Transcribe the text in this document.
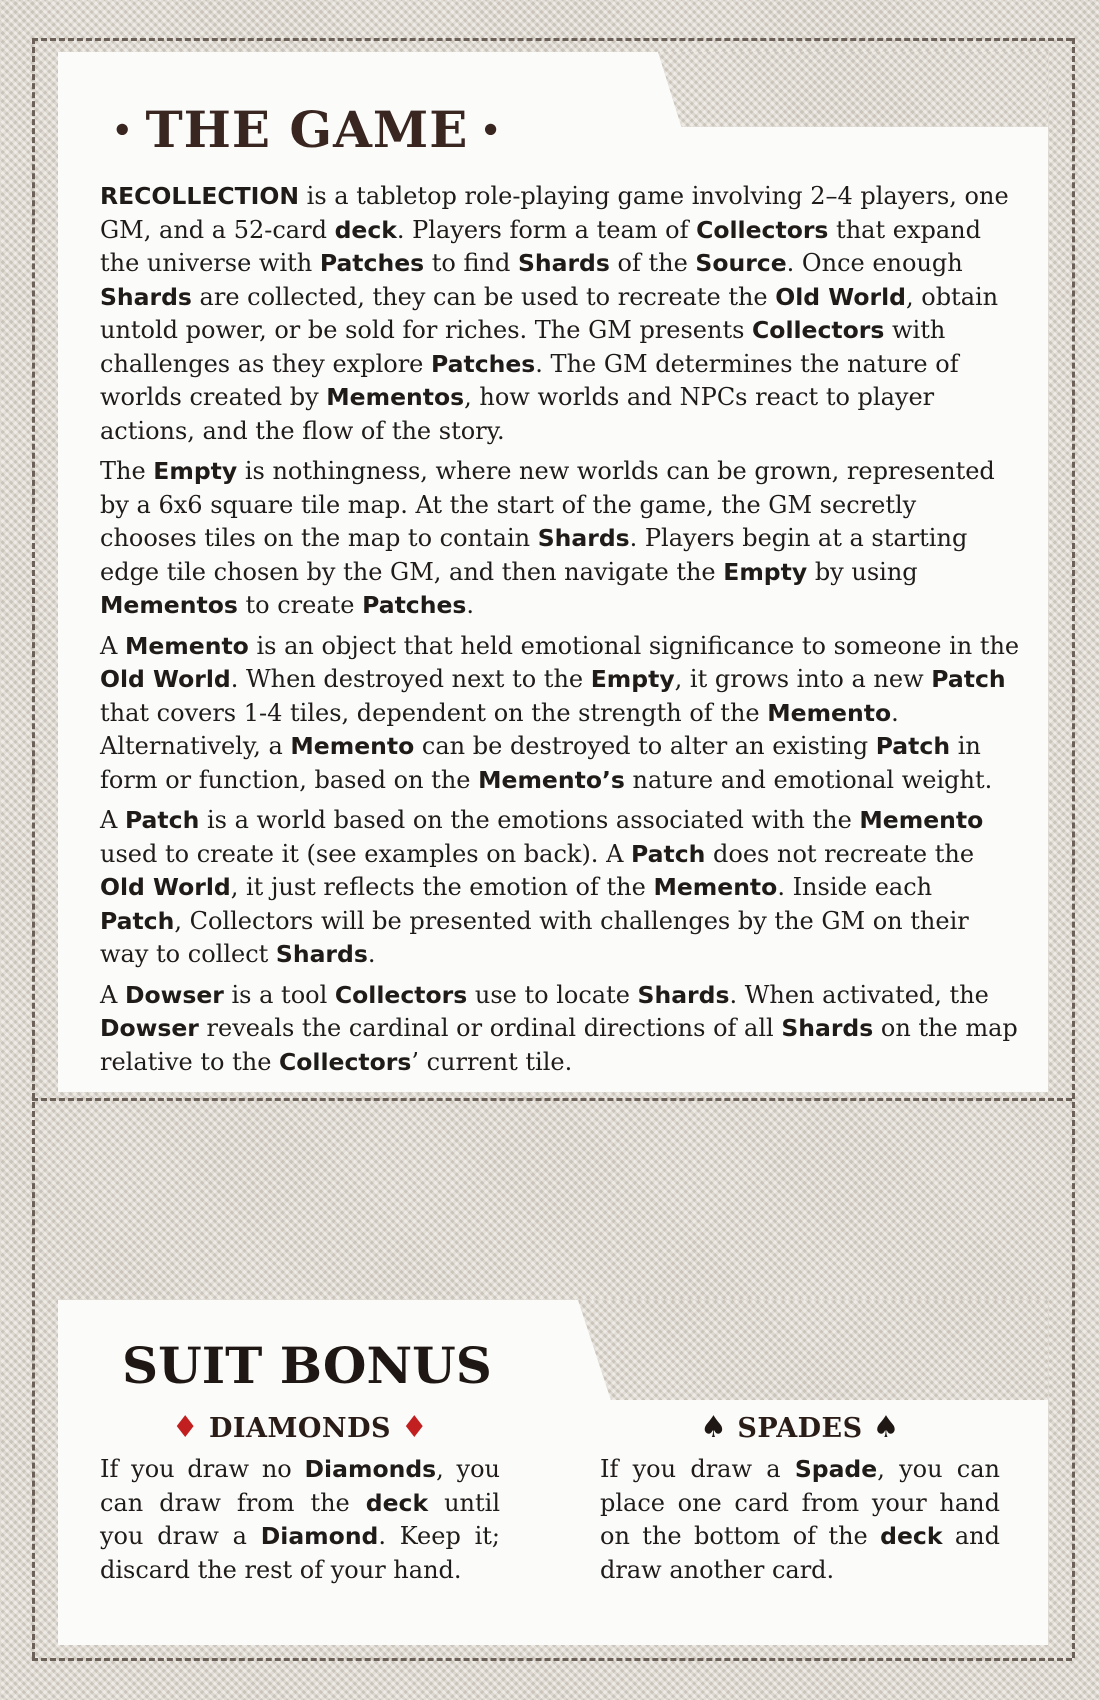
• THE GAME •

RECOLLECTION is a tabletop role-playing game involving 2–4 players, one GM, and a 52-card deck. Players form a team of Collectors that expand the universe with Patches to find Shards of the Source. Once enough Shards are collected, they can be used to recreate the Old World, obtain untold power, or be sold for riches. The GM presents Collectors with challenges as they explore Patches. The GM determines the nature of worlds created by Mementos, how worlds and NPCs react to player actions, and the flow of the story.

The Empty is nothingness, where new worlds can be grown, represented by a 6x6 square tile map. At the start of the game, the GM secretly chooses tiles on the map to contain Shards. Players begin at a starting edge tile chosen by the GM, and then navigate the Empty by using Mementos to create Patches.

A Memento is an object that held emotional significance to someone in the Old World. When destroyed next to the Empty, it grows into a new Patch that covers 1-4 tiles, dependent on the strength of the Memento. Alternatively, a Memento can be destroyed to alter an existing Patch in form or function, based on the Memento’s nature and emotional weight.

A Patch is a world based on the emotions associated with the Memento used to create it (see examples on back). A Patch does not recreate the Old World, it just reflects the emotion of the Memento. Inside each Patch, Collectors will be presented with challenges by the GM on their way to collect Shards.

A Dowser is a tool Collectors use to locate Shards. When activated, the Dowser reveals the cardinal or ordinal directions of all Shards on the map relative to the Collectors’ current tile.

SUIT BONUS
♦ DIAMONDS ♦

If you draw no Diamonds, you can draw from the deck until you draw a Diamond. Keep it; discard the rest of your hand.

♠ SPADES ♠

If you draw a Spade, you can place one card from your hand on the bottom of the deck and draw another card.
